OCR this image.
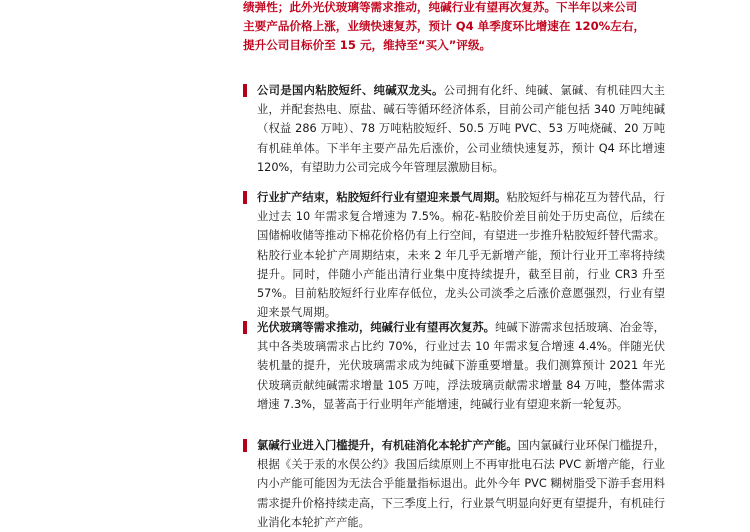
绩弹性；此外光伏玻璃等需求推动，纯碱行业有望再次复苏。下半年以来公司

主要产品价格上涨，业绩快速复苏，预计 Q4 单季度环比增速在 120%左右，

提升公司目标价至 15 元，维持至“买入”评级。

公司是国内粘胶短纤、纯碱双龙头。公司拥有化纤、纯碱、氯碱、有机硅四大主业，并配套热电、原盐、碱石等循环经济体系，目前公司产能包括 340 万吨纯碱（权益 286 万吨）、78 万吨粘胶短纤、50.5 万吨 PVC、53 万吨烧碱、20 万吨有机硅单体。下半年主要产品先后涨价，公司业绩快速复苏，预计 Q4 环比增速 120%，有望助力公司完成今年管理层激励目标。

行业扩产结束，粘胶短纤行业有望迎来景气周期。粘胶短纤与棉花互为替代品，行业过去 10 年需求复合增速为 7.5%。棉花-粘胶价差目前处于历史高位，后续在国储棉收储等推动下棉花价格仍有上行空间，有望进一步推升粘胶短纤替代需求。粘胶行业本轮扩产周期结束，未来 2 年几乎无新增产能，预计行业开工率将持续提升。同时，伴随小产能出清行业集中度持续提升，截至目前，行业 CR3 升至 57%。目前粘胶短纤行业库存低位，龙头公司淡季之后涨价意愿强烈，行业有望迎来景气周期。

光伏玻璃等需求推动，纯碱行业有望再次复苏。纯碱下游需求包括玻璃、冶金等，其中各类玻璃需求占比约 70%，行业过去 10 年需求复合增速 4.4%。伴随光伏装机量的提升，光伏玻璃需求成为纯碱下游重要增量。我们测算预计 2021 年光伏玻璃贡献纯碱需求增量 105 万吨，浮法玻璃贡献需求增量 84 万吨，整体需求增速 7.3%，显著高于行业明年产能增速，纯碱行业有望迎来新一轮复苏。

氯碱行业进入门槛提升，有机硅消化本轮扩产产能。国内氯碱行业环保门槛提升，根据《关于汞的水俣公约》我国后续原则上不再审批电石法 PVC 新增产能，行业内小产能可能因为无法合乎能量指标退出。此外今年 PVC 糊树脂受下游手套用料需求提升价格持续走高，下三季度上行，行业景气明显向好更有望提升，有机硅行业消化本轮扩产产能。
